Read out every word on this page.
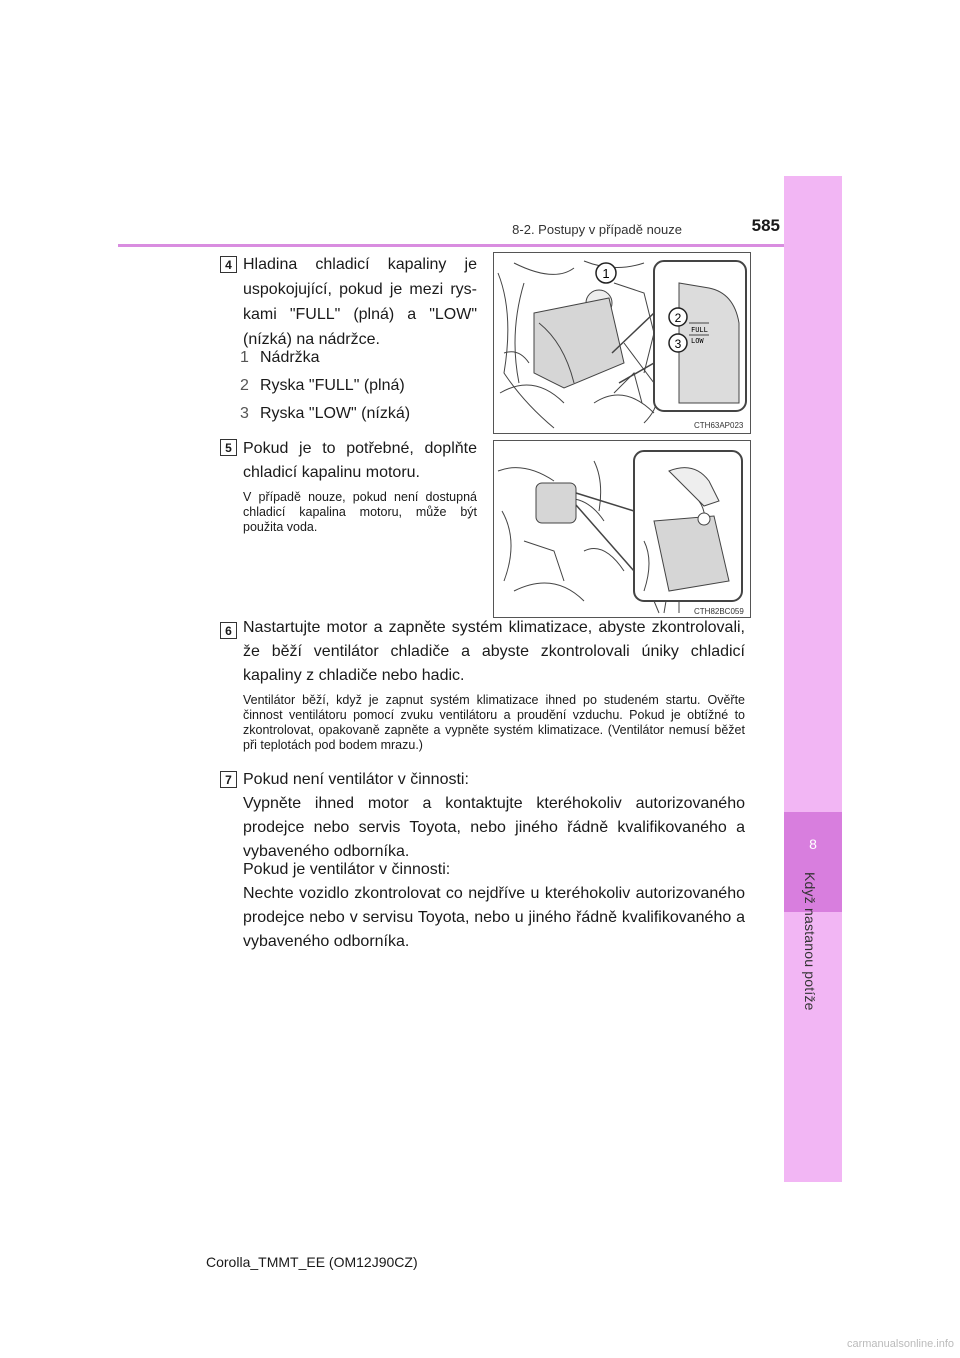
8
Když nastanou potíže
8-2. Postupy v případě nouze	585
4 Hladina chladicí kapaliny je uspokojující, pokud je mezi ryskami "FULL" (plná) a "LOW" (nízká) na nádržce.
1 Nádržka
2 Ryska "FULL" (plná)
3 Ryska "LOW" (nízká)
FULL
LOW
1
2
3
CTH63AP023
5 Pokud je to potřebné, doplňte chladicí kapalinu motoru.
V případě nouze, pokud není dostupná chladicí kapalina motoru, může být použita voda.
CTH82BC059
6 Nastartujte motor a zapněte systém klimatizace, abyste zkontrolovali, že běží ventilátor chladiče a abyste zkontrolovali úniky chladicí kapaliny z chladiče nebo hadic.
Ventilátor běží, když je zapnut systém klimatizace ihned po studeném startu. Ověřte činnost ventilátoru pomocí zvuku ventilátoru a proudění vzduchu. Pokud je obtížné to zkontrolovat, opakovaně zapněte a vypněte systém klimatizace. (Ventilátor nemusí běžet při teplotách pod bodem mrazu.)
7 Pokud není ventilátor v činnosti:
Vypněte ihned motor a kontaktujte kteréhokoliv autorizovaného prodejce nebo servis Toyota, nebo jiného řádně kvalifikovaného a vybaveného odborníka.
Pokud je ventilátor v činnosti:
Nechte vozidlo zkontrolovat co nejdříve u kteréhokoliv autorizovaného prodejce nebo v servisu Toyota, nebo u jiného řádně kvalifikovaného a vybaveného odborníka.
Corolla_TMMT_EE (OM12J90CZ)
carmanualsonline.info
